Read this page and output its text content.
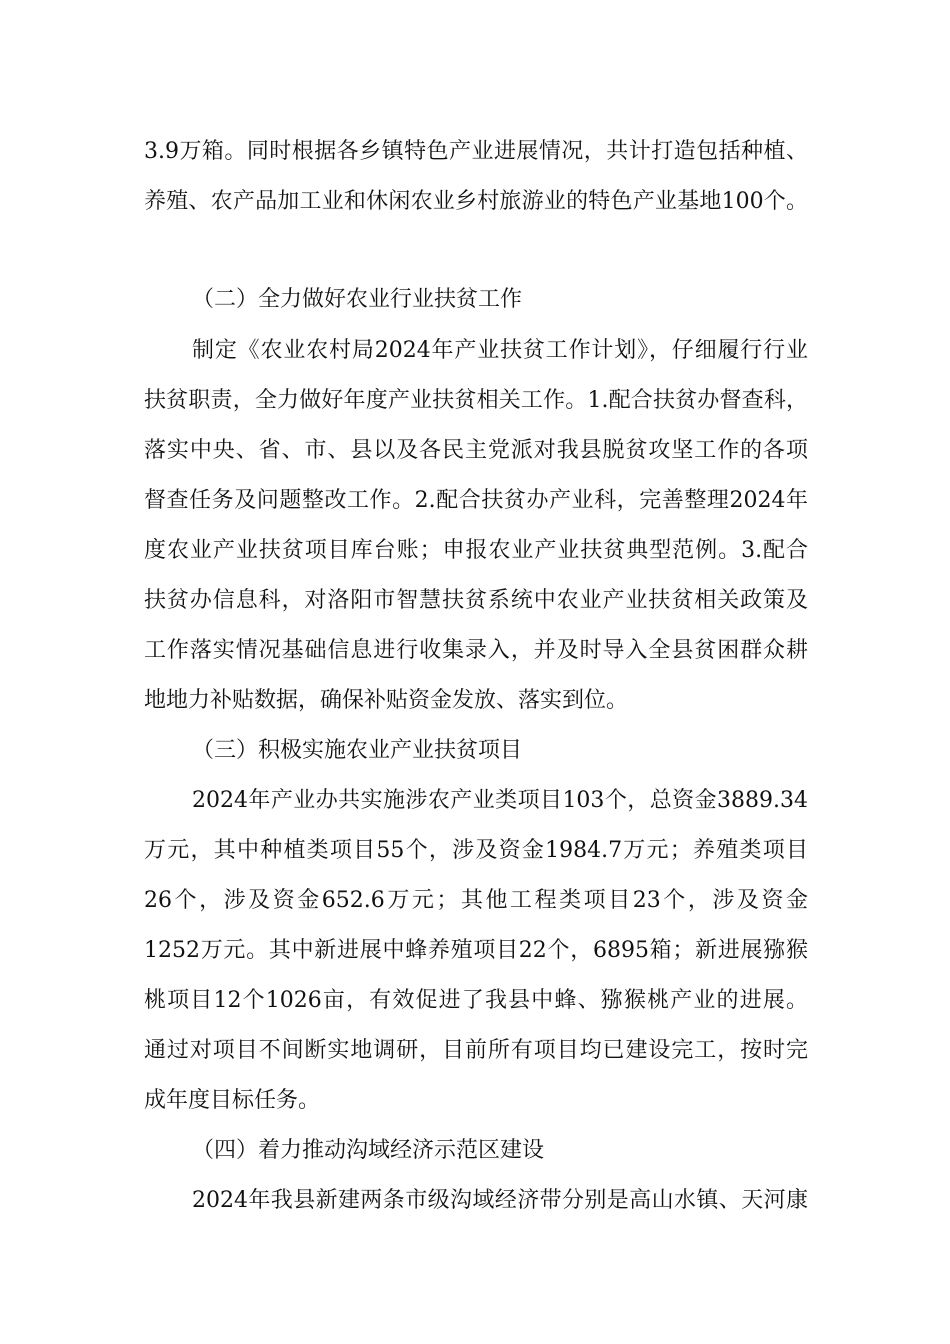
3.9万箱。同时根据各乡镇特色产业进展情况，共计打造包括种植、
养殖、农产品加工业和休闲农业乡村旅游业的特色产业基地100个。
（二）全力做好农业行业扶贫工作
制定《农业农村局2024年产业扶贫工作计划》，仔细履行行业
扶贫职责，全力做好年度产业扶贫相关工作。1.配合扶贫办督查科，
落实中央、省、市、县以及各民主党派对我县脱贫攻坚工作的各项
督查任务及问题整改工作。2.配合扶贫办产业科，完善整理2024年
度农业产业扶贫项目库台账；申报农业产业扶贫典型范例。3.配合
扶贫办信息科，对洛阳市智慧扶贫系统中农业产业扶贫相关政策及
工作落实情况基础信息进行收集录入，并及时导入全县贫困群众耕
地地力补贴数据，确保补贴资金发放、落实到位。
（三）积极实施农业产业扶贫项目
2024年产业办共实施涉农产业类项目103个，总资金3889.34
万元，其中种植类项目55个，涉及资金1984.7万元；养殖类项目
26个，涉及资金652.6万元；其他工程类项目23个，涉及资金
1252万元。其中新进展中蜂养殖项目22个，6895箱；新进展猕猴
桃项目12个1026亩，有效促进了我县中蜂、猕猴桃产业的进展。
通过对项目不间断实地调研，目前所有项目均已建设完工，按时完
成年度目标任务。
（四）着力推动沟域经济示范区建设
2024年我县新建两条市级沟域经济带分别是高山水镇、天河康
